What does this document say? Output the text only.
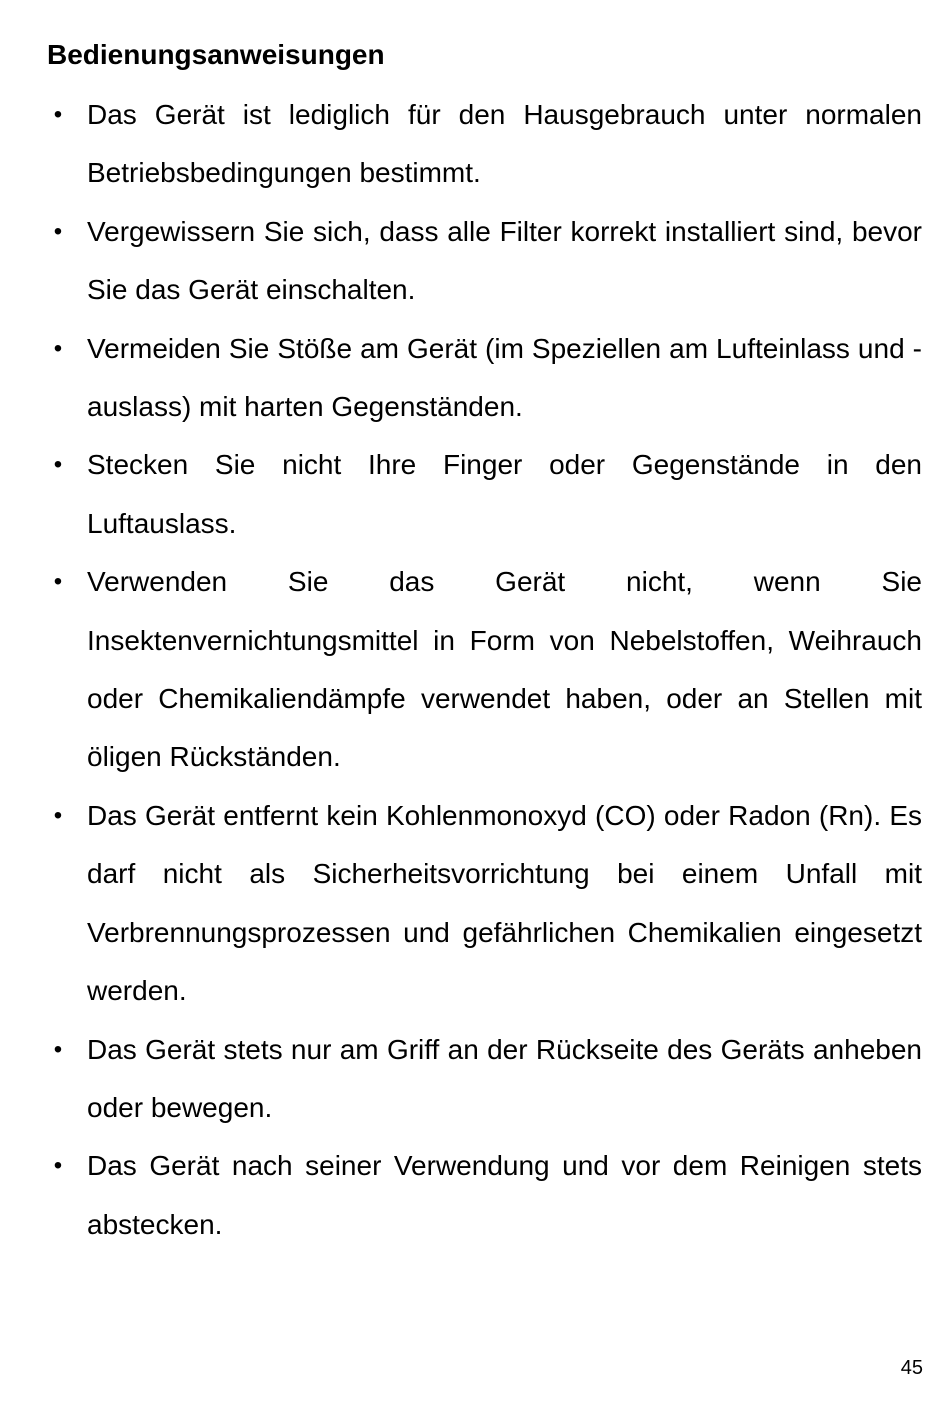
Bedienungsanweisungen
• Das Gerät ist lediglich für den Hausgebrauch unter normalen Betriebsbedingungen bestimmt.
• Vergewissern Sie sich, dass alle Filter korrekt installiert sind, bevor Sie das Gerät einschalten.
• Vermeiden Sie Stöße am Gerät (im Speziellen am Lufteinlass und -auslass) mit harten Gegenständen.
• Stecken Sie nicht Ihre Finger oder Gegenstände in den Luftauslass.
• Verwenden Sie das Gerät nicht, wenn Sie Insektenvernichtungsmittel in Form von Nebelstoffen, Weihrauch oder Chemikaliendämpfe verwendet haben, oder an Stellen mit öligen Rückständen.
• Das Gerät entfernt kein Kohlenmonoxyd (CO) oder Radon (Rn). Es darf nicht als Sicherheitsvorrichtung bei einem Unfall mit Verbrennungsprozessen und gefährlichen Chemikalien eingesetzt werden.
• Das Gerät stets nur am Griff an der Rückseite des Geräts anheben oder bewegen.
• Das Gerät nach seiner Verwendung und vor dem Reinigen stets abstecken.
45
